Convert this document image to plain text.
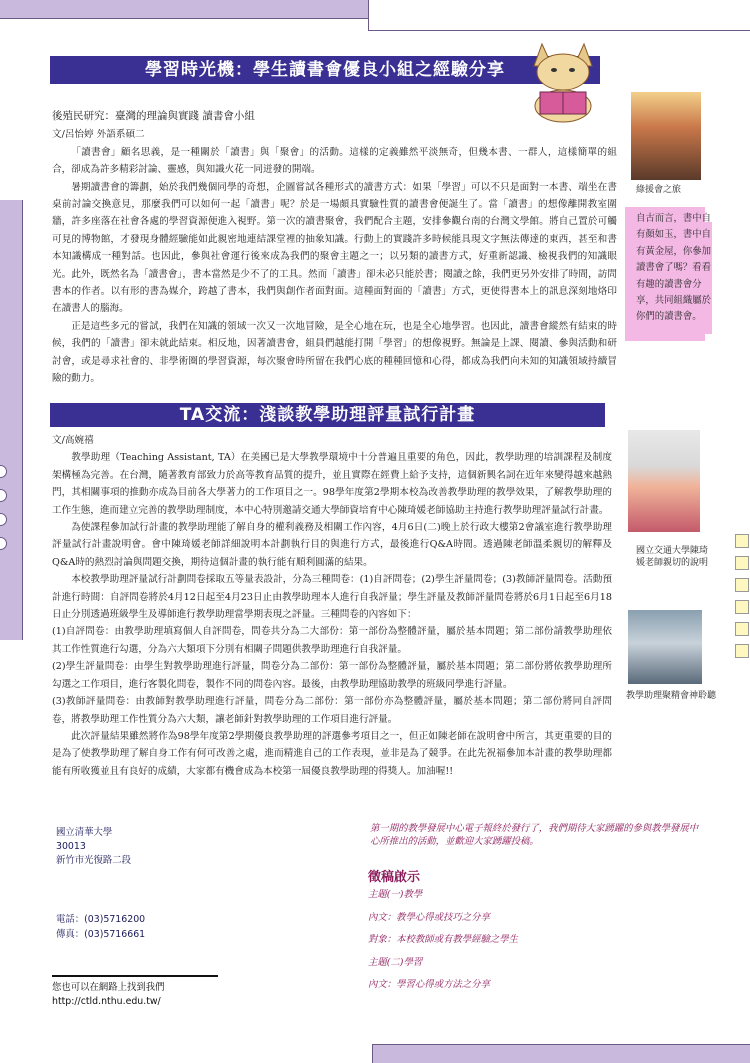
學習時光機：學生讀書會優良小組之經驗分享

後殖民研究：臺灣的理論與實踐 讀書會小組

文/呂怡婷 外語系碩二

「讀書會」顧名思義，是一種關於「讀書」與「聚會」的活動。這樣的定義雖然平淡無奇，但幾本書、一群人，這樣簡單的組合，卻成為許多精彩討論、靈感，與知識火花一同迸發的開端。

暑期讀書會的籌劃，始於我們幾個同學的奇想，企圖嘗試各種形式的讀書方式：如果「學習」可以不只是面對一本書、端坐在書桌前討論交換意見，那麼我們可以如何一起「讀書」呢？於是一場頗具實驗性質的讀書會便誕生了。當「讀書」的想像離開教室圍牆，許多座落在社會各處的學習資源便進入視野。第一次的讀書聚會，我們配合主題，安排參觀台南的台灣文學館。將自己置於可觸可見的博物館，才發現身體經驗能如此親密地連結課堂裡的抽象知識。行動上的實踐許多時候能具現文字無法傳達的東西，甚至和書本知識構成一種對話。也因此，參與社會運行後來成為我們的聚會主題之一；以另類的讀書方式，好重新認識、檢視我們的知識眼光。此外，既然名為「讀書會」，書本當然是少不了的工具。然而「讀書」卻未必只能於書；閱讀之餘，我們更另外安排了時間，訪問書本的作者。以有形的書為媒介，跨越了書本，我們與創作者面對面。這種面對面的「讀書」方式，更使得書本上的訊息深刻地烙印在讀書人的腦海。

正是這些多元的嘗試，我們在知識的領域一次又一次地冒險，是全心地在玩，也是全心地學習。也因此，讀書會縱然有結束的時候，我們的「讀書」卻未就此結束。相反地，因著讀書會，組員們越能打開「學習」的想像視野。無論是上課、閱讀、參與活動和研討會，或是尋求社會的、非學術圈的學習資源，每次聚會時所留在我們心底的種種回憶和心得，都成為我們向未知的知識領域持續冒險的動力。

綠援會之旅
自古而言，書中自有顏如玉，書中自有黃金屋，你參加讀書會了嗎？看看有趣的讀書會分享，共同組織屬於你們的讀書會。
TA交流：淺談教學助理評量試行計畫

文/高婉禧

教學助理（Teaching Assistant, TA）在美國已是大學教學環境中十分普遍且重要的角色，因此，教學助理的培訓課程及制度架構極為完善。在台灣，隨著教育部致力於高等教育品質的提升，並且實際在經費上給予支持，這個新興名詞在近年來變得越來越熱門，其相關事項的推動亦成為目前各大學著力的工作項目之一。98學年度第2學期本校為改善教學助理的教學效果，了解教學助理的工作生態，進而建立完善的教學助理制度，本中心特別邀請交通大學師資培育中心陳琦媛老師協助主持進行教學助理評量試行計畫。

為使課程參加試行計畫的教學助理能了解自身的權利義務及相關工作內容，4月6日(二)晚上於行政大樓第2會議室進行教學助理評量試行計畫說明會。會中陳琦媛老師詳細說明本計劃執行目的與進行方式，最後進行Q&A時間。透過陳老師溫柔親切的解釋及Q&A時的熱烈討論與問題交換，期待這個計畫的執行能有順利圓滿的結果。

本校教學助理評量試行計劃問卷採取五等量表設計，分為三種問卷：(1)自評問卷；(2)學生評量問卷；(3)教師評量問卷。活動預計進行時間：自評問卷將於4月12日起至4月23日止由教學助理本人進行自我評量；學生評量及教師評量問卷將於6月1日起至6月18日止分別透過班級學生及導師進行教學助理當學期表現之評量。三種問卷的內容如下：

(1)自評問卷：由教學助理填寫個人自評問卷，問卷共分為二大部份：第一部份為整體評量，屬於基本問題；第二部份請教學助理依其工作性質進行勾選，分為六大類項下分別有相關子問題供教學助理進行自我評量。

(2)學生評量問卷：由學生對教學助理進行評量，問卷分為二部份：第一部份為整體評量，屬於基本問題；第二部份將依教學助理所勾選之工作項目，進行客製化問卷，製作不同的問卷內容。最後，由教學助理協助教學的班級同學進行評量。

(3)教師評量問卷：由教師對教學助理進行評量，問卷分為二部份：第一部份亦為整體評量，屬於基本問題；第二部份將同自評問卷，將教學助理工作性質分為六大類，讓老師針對教學助理的工作項目進行評量。

此次評量結果雖然將作為98學年度第2學期優良教學助理的評選參考項目之一，但正如陳老師在說明會中所言，其更重要的目的是為了使教學助理了解自身工作有何可改善之處，進而精進自己的工作表現，並非是為了競爭。在此先祝福參加本計畫的教學助理都能有所收獲並且有良好的成績，大家都有機會成為本校第一屆優良教學助理的得獎人。加油喔!!

國立交通大學陳琦媛老師親切的說明
教學助理聚精會神聆聽
第一期的教學發展中心電子報終於發行了，我們期待大家踴躍的參與教學發展中心所推出的活動，並歡迎大家踴躍投稿。
徵稿啟示
主題(一)教學
內文：教學心得或技巧之分享
對象：本校教師或有教學經驗之學生
主題(二)學習
內文：學習心得或方法之分享
國立清華大學
30013
新竹市光復路二段
電話：(03)5716200
傳真：(03)5716661
您也可以在網路上找到我們
http://ctld.nthu.edu.tw/
